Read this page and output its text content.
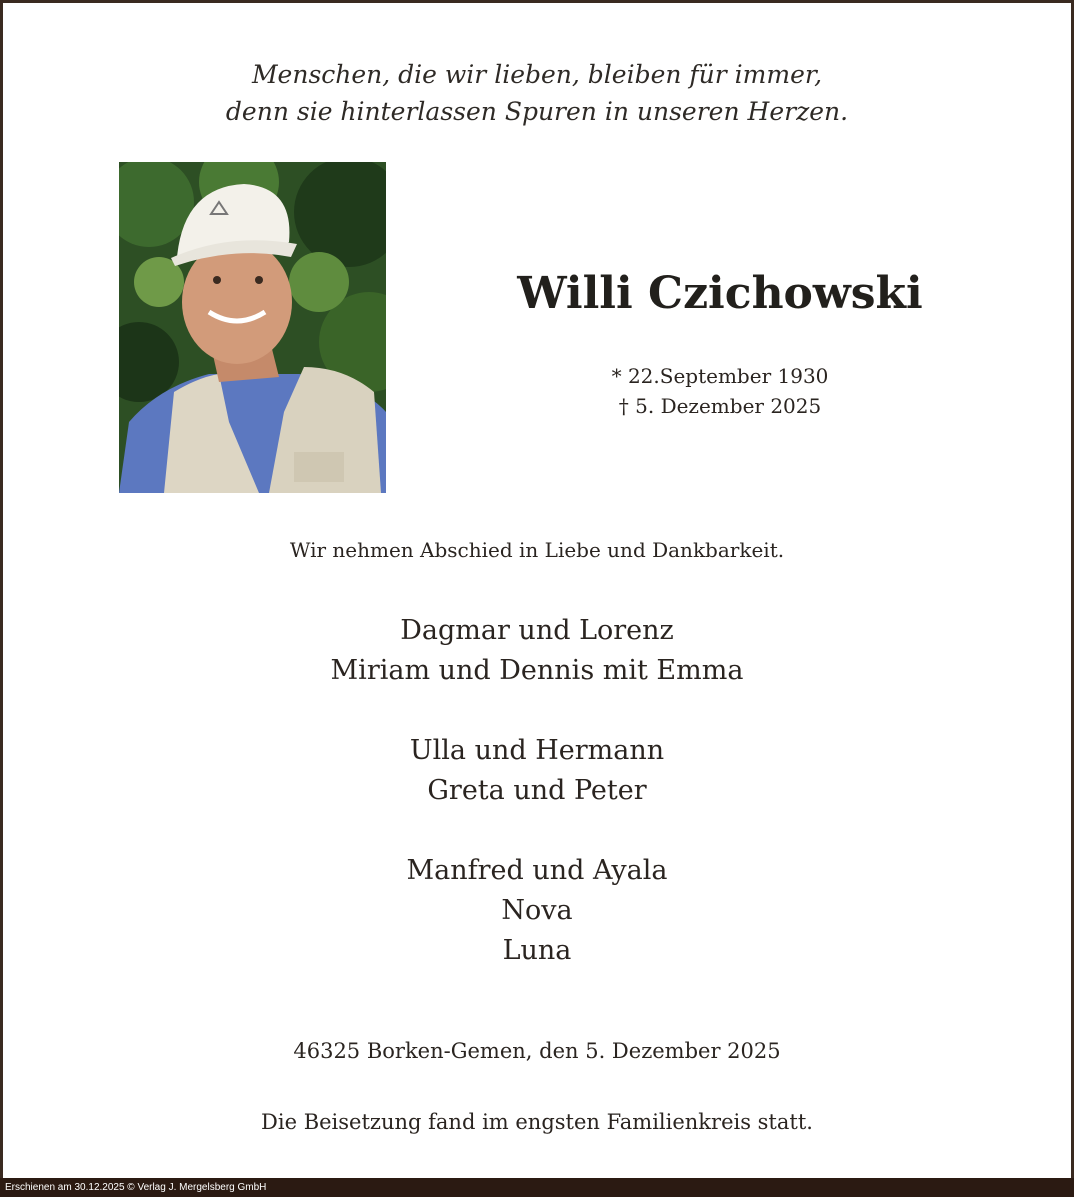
Menschen, die wir lieben, bleiben für immer,
denn sie hinterlassen Spuren in unseren Herzen.
Willi Czichowski
* 22.September 1930
† 5. Dezember 2025
Wir nehmen Abschied in Liebe und Dankbarkeit.
Dagmar und Lorenz
Miriam und Dennis mit Emma
Ulla und Hermann
Greta und Peter
Manfred und Ayala
Nova
Luna
46325 Borken-Gemen, den 5. Dezember 2025
Die Beisetzung fand im engsten Familienkreis statt.
Erschienen am 30.12.2025 © Verlag J. Mergelsberg GmbH
